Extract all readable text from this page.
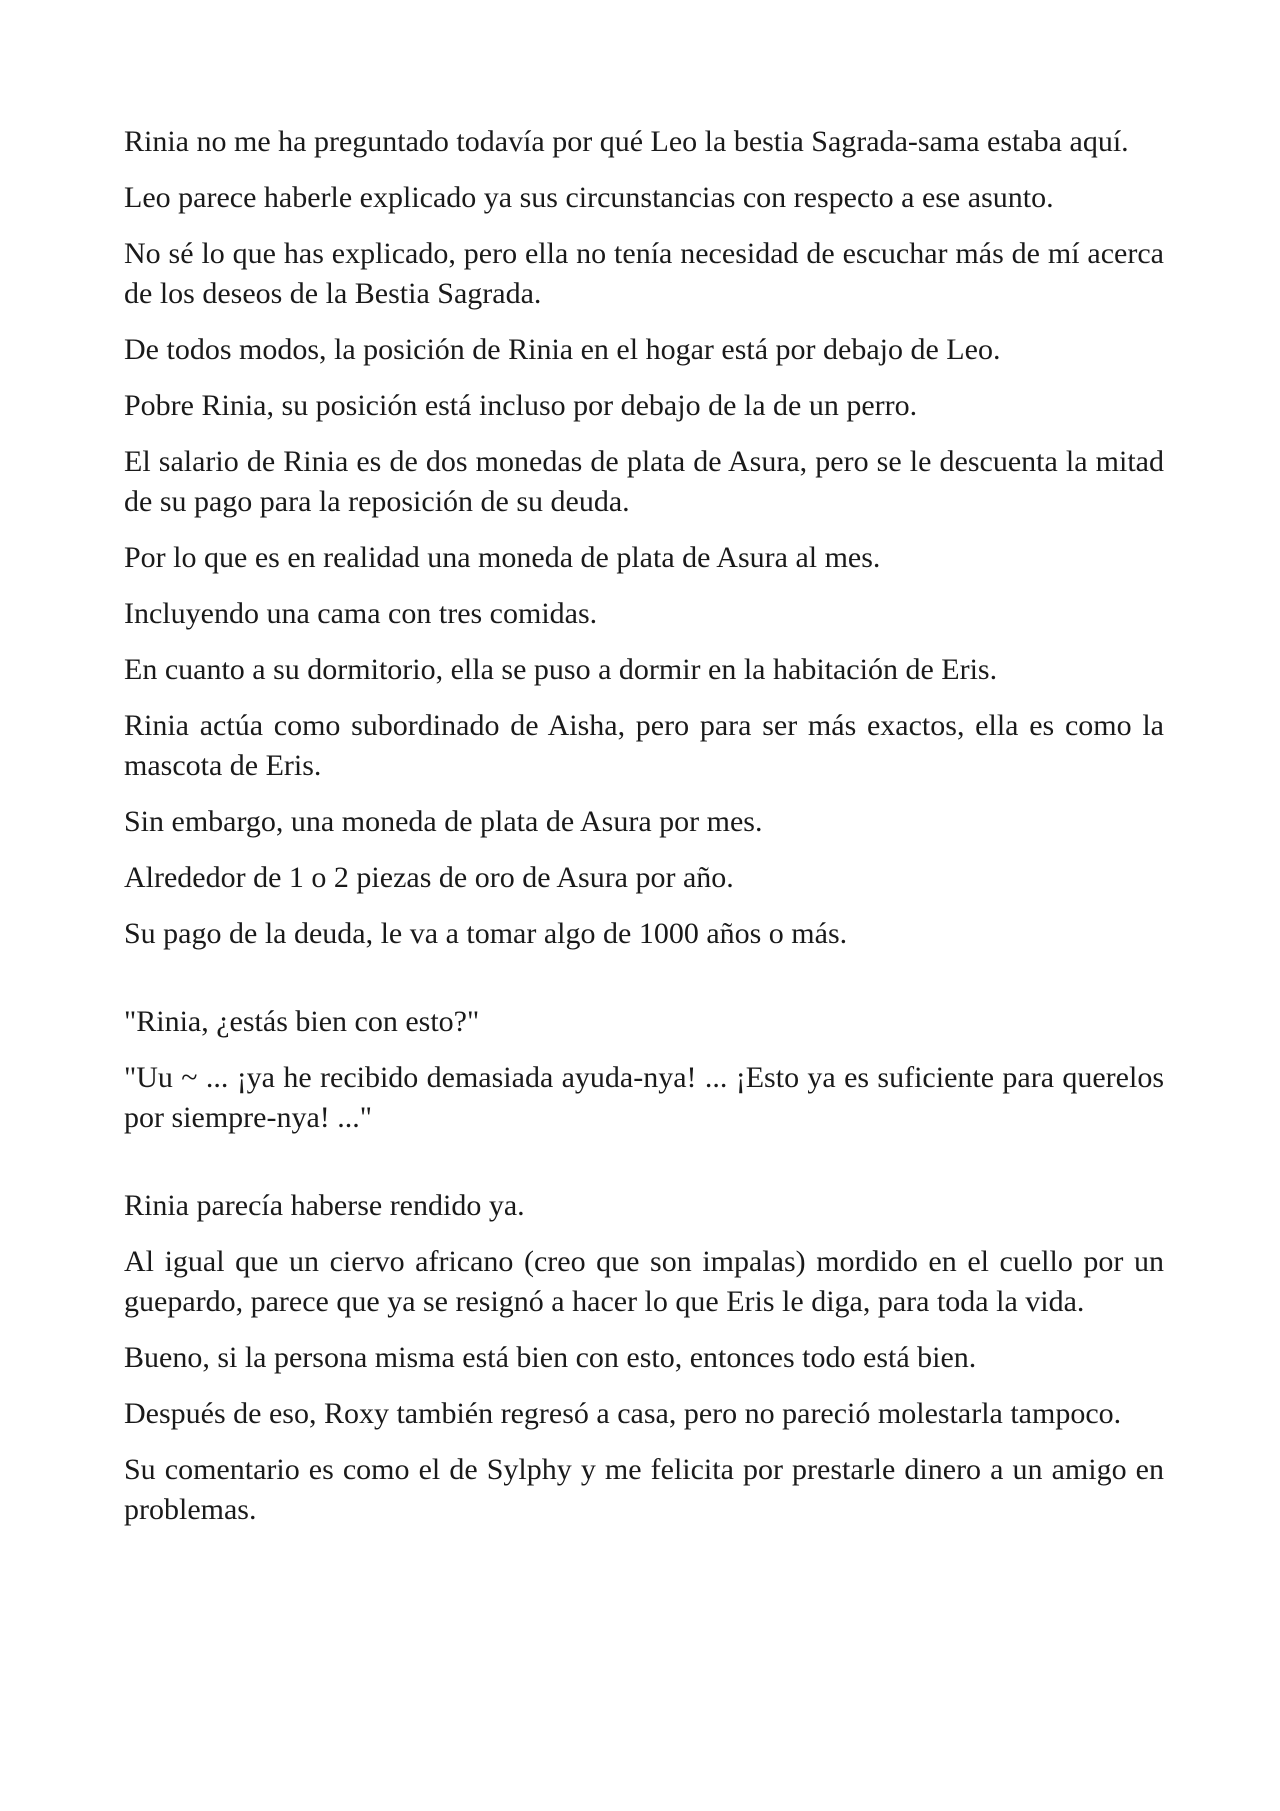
Rinia no me ha preguntado todavía por qué Leo la bestia Sagrada-sama estaba aquí.

Leo parece haberle explicado ya sus circunstancias con respecto a ese asunto.

No sé lo que has explicado, pero ella no tenía necesidad de escuchar más de mí acerca de los deseos de la Bestia Sagrada.

De todos modos, la posición de Rinia en el hogar está por debajo de Leo.

Pobre Rinia, su posición está incluso por debajo de la de un perro.

El salario de Rinia es de dos monedas de plata de Asura, pero se le descuenta la mitad de su pago para la reposición de su deuda.

Por lo que es en realidad una moneda de plata de Asura al mes.

Incluyendo una cama con tres comidas.

En cuanto a su dormitorio, ella se puso a dormir en la habitación de Eris.

Rinia actúa como subordinado de Aisha, pero para ser más exactos, ella es como la mascota de Eris.

Sin embargo, una moneda de plata de Asura por mes.

Alrededor de 1 o 2 piezas de oro de Asura por año.

Su pago de la deuda, le va a tomar algo de 1000 años o más.

"Rinia, ¿estás bien con esto?"

"Uu ~ ... ¡ya he recibido demasiada ayuda-nya! ... ¡Esto ya es suficiente para querelos por siempre-nya! ..."

Rinia parecía haberse rendido ya.

Al igual que un ciervo africano (creo que son impalas) mordido en el cuello por un guepardo, parece que ya se resignó a hacer lo que Eris le diga, para toda la vida.

Bueno, si la persona misma está bien con esto, entonces todo está bien.

Después de eso, Roxy también regresó a casa, pero no pareció molestarla tampoco.

Su comentario es como el de Sylphy y me felicita por prestarle dinero a un amigo en problemas.
